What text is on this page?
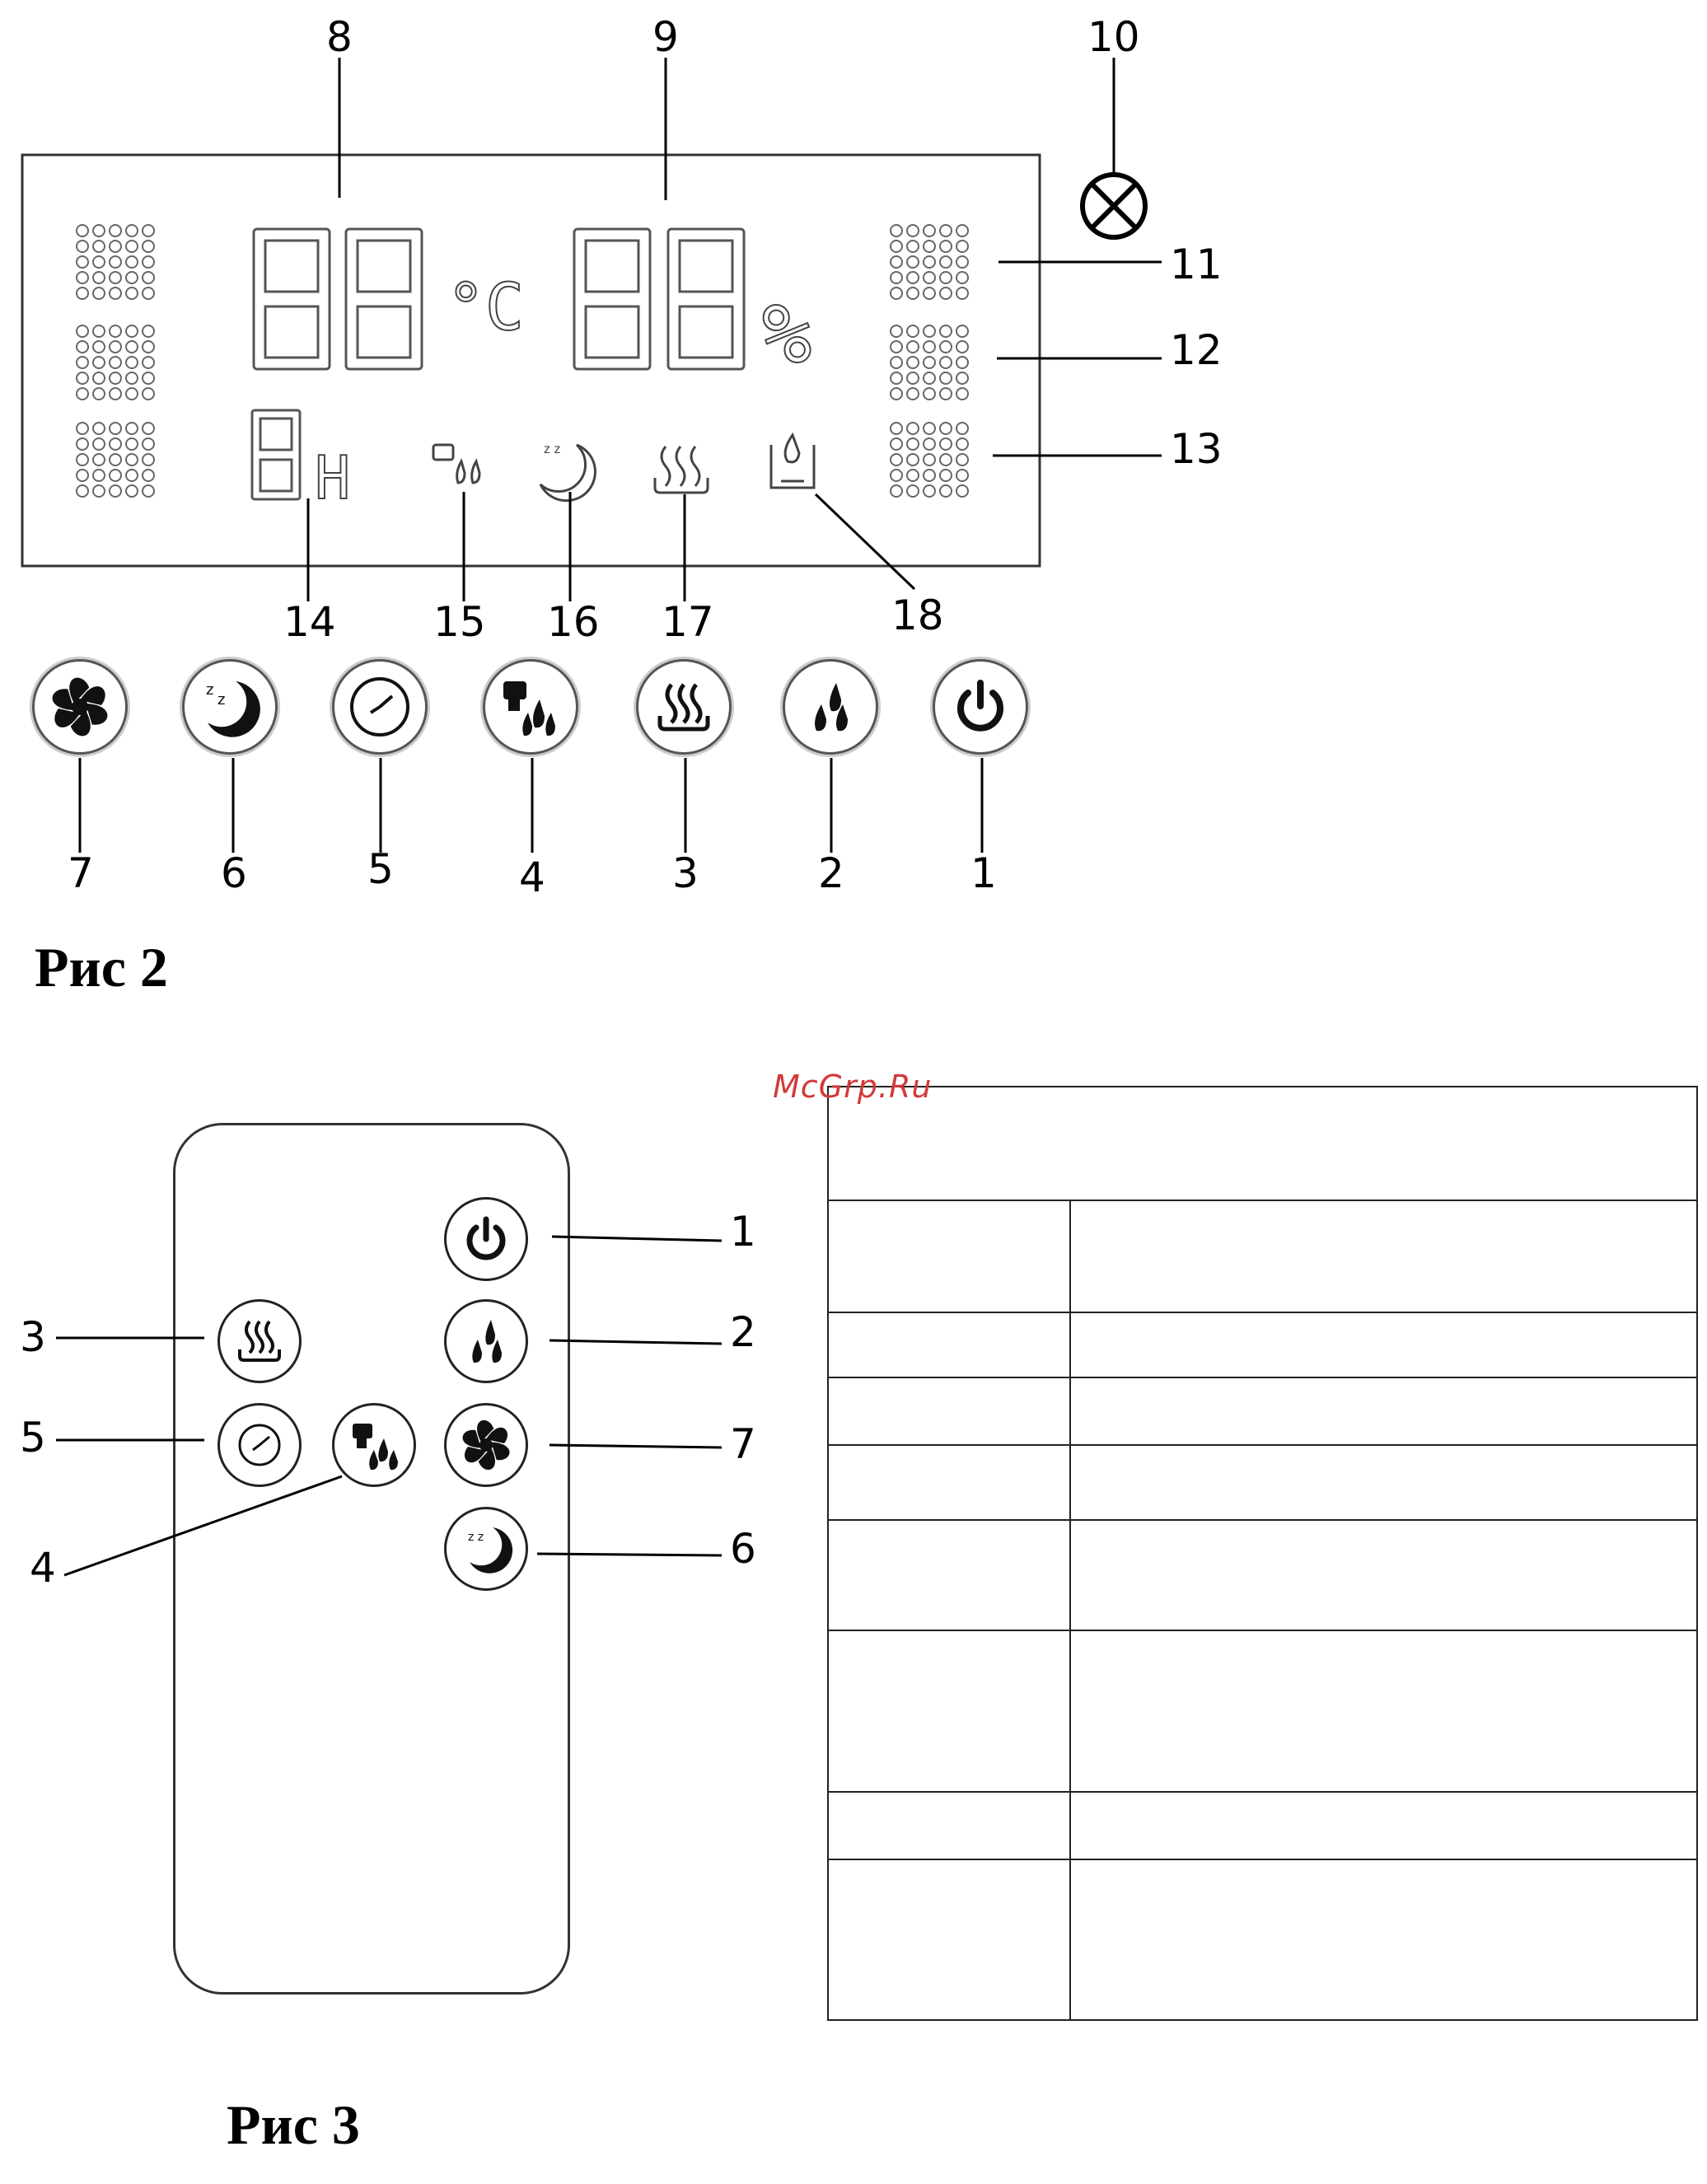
°C	%
H	z z
8	9	10
11
12
13
14 15 16 17	18
7	6	5	4	3	2	1
z
z
Рис 2
z z
1
2
3
4
5
6
7
Рис 3

McGrp.Ru
